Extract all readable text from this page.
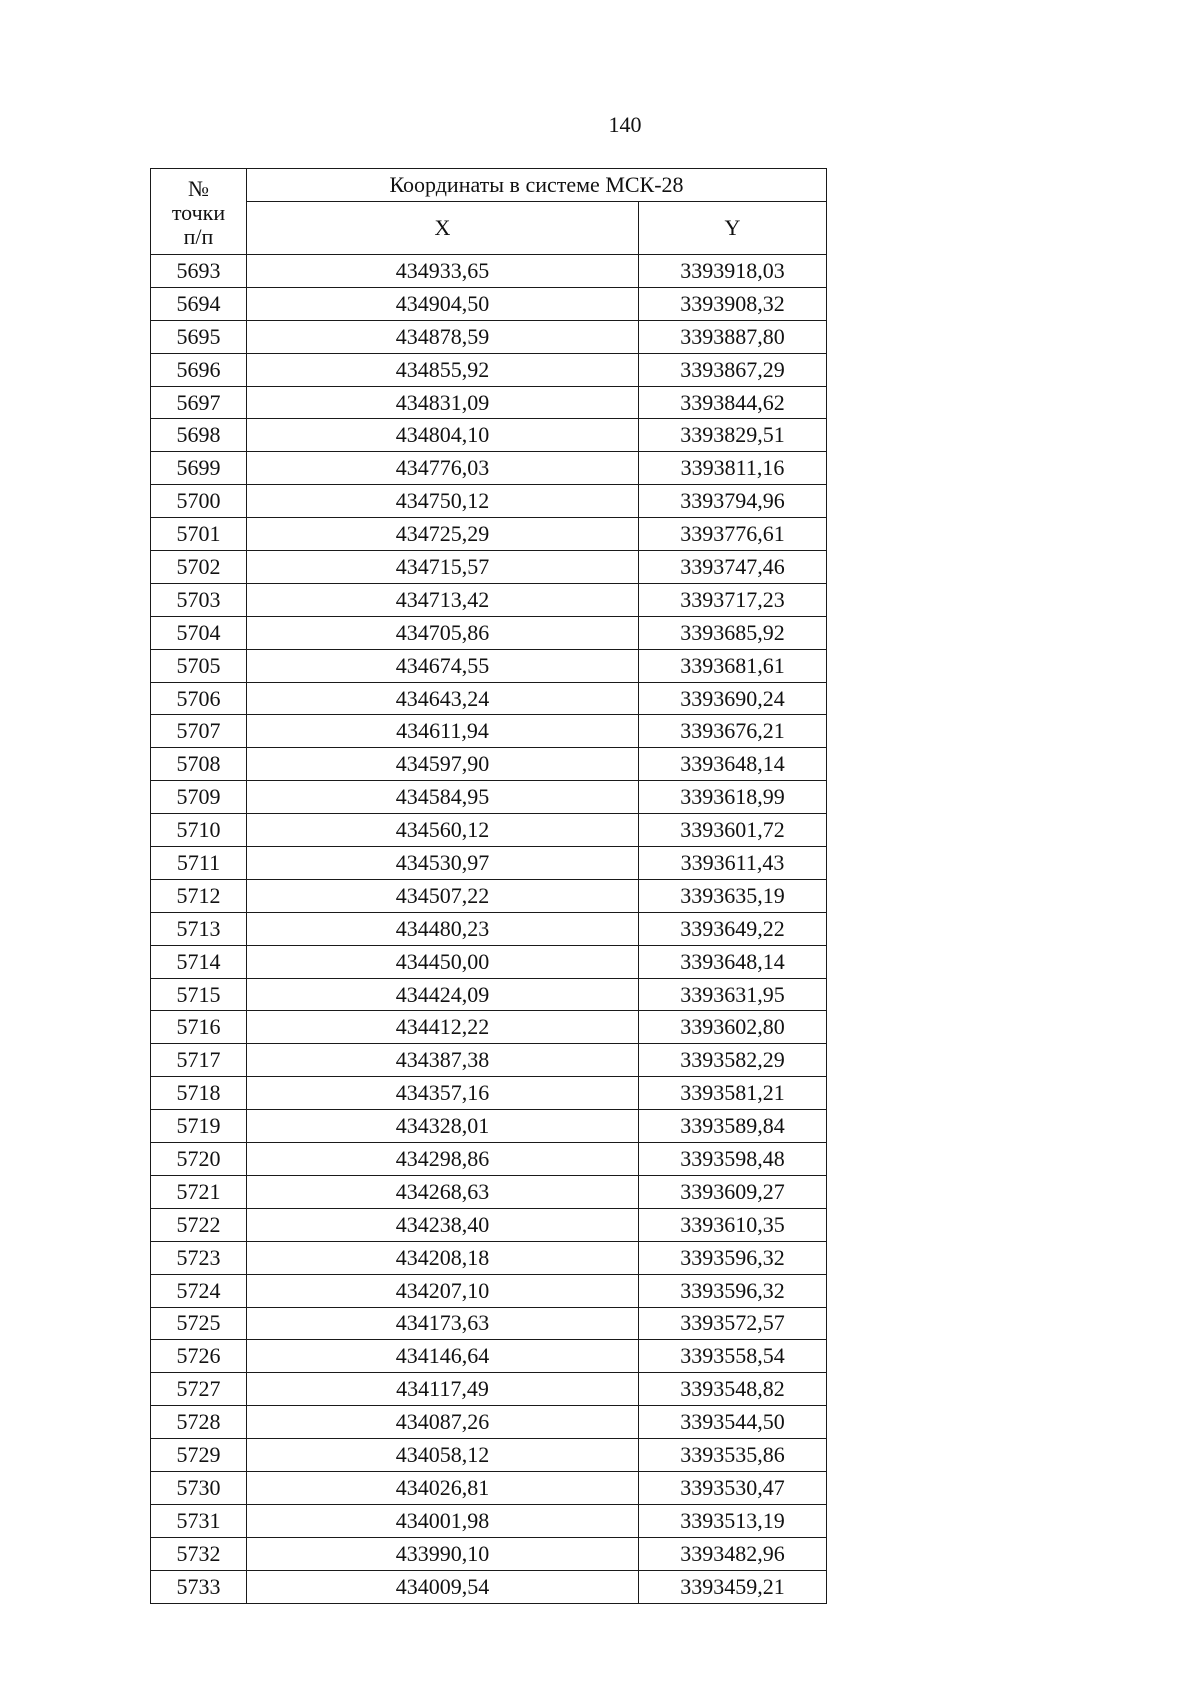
140
№
точки
п/п	Координаты в системе МСК-28	
	X	Y
5693	434933,65	3393918,03
5694	434904,50	3393908,32
5695	434878,59	3393887,80
5696	434855,92	3393867,29
5697	434831,09	3393844,62
5698	434804,10	3393829,51
5699	434776,03	3393811,16
5700	434750,12	3393794,96
5701	434725,29	3393776,61
5702	434715,57	3393747,46
5703	434713,42	3393717,23
5704	434705,86	3393685,92
5705	434674,55	3393681,61
5706	434643,24	3393690,24
5707	434611,94	3393676,21
5708	434597,90	3393648,14
5709	434584,95	3393618,99
5710	434560,12	3393601,72
5711	434530,97	3393611,43
5712	434507,22	3393635,19
5713	434480,23	3393649,22
5714	434450,00	3393648,14
5715	434424,09	3393631,95
5716	434412,22	3393602,80
5717	434387,38	3393582,29
5718	434357,16	3393581,21
5719	434328,01	3393589,84
5720	434298,86	3393598,48
5721	434268,63	3393609,27
5722	434238,40	3393610,35
5723	434208,18	3393596,32
5724	434207,10	3393596,32
5725	434173,63	3393572,57
5726	434146,64	3393558,54
5727	434117,49	3393548,82
5728	434087,26	3393544,50
5729	434058,12	3393535,86
5730	434026,81	3393530,47
5731	434001,98	3393513,19
5732	433990,10	3393482,96
5733	434009,54	3393459,21
